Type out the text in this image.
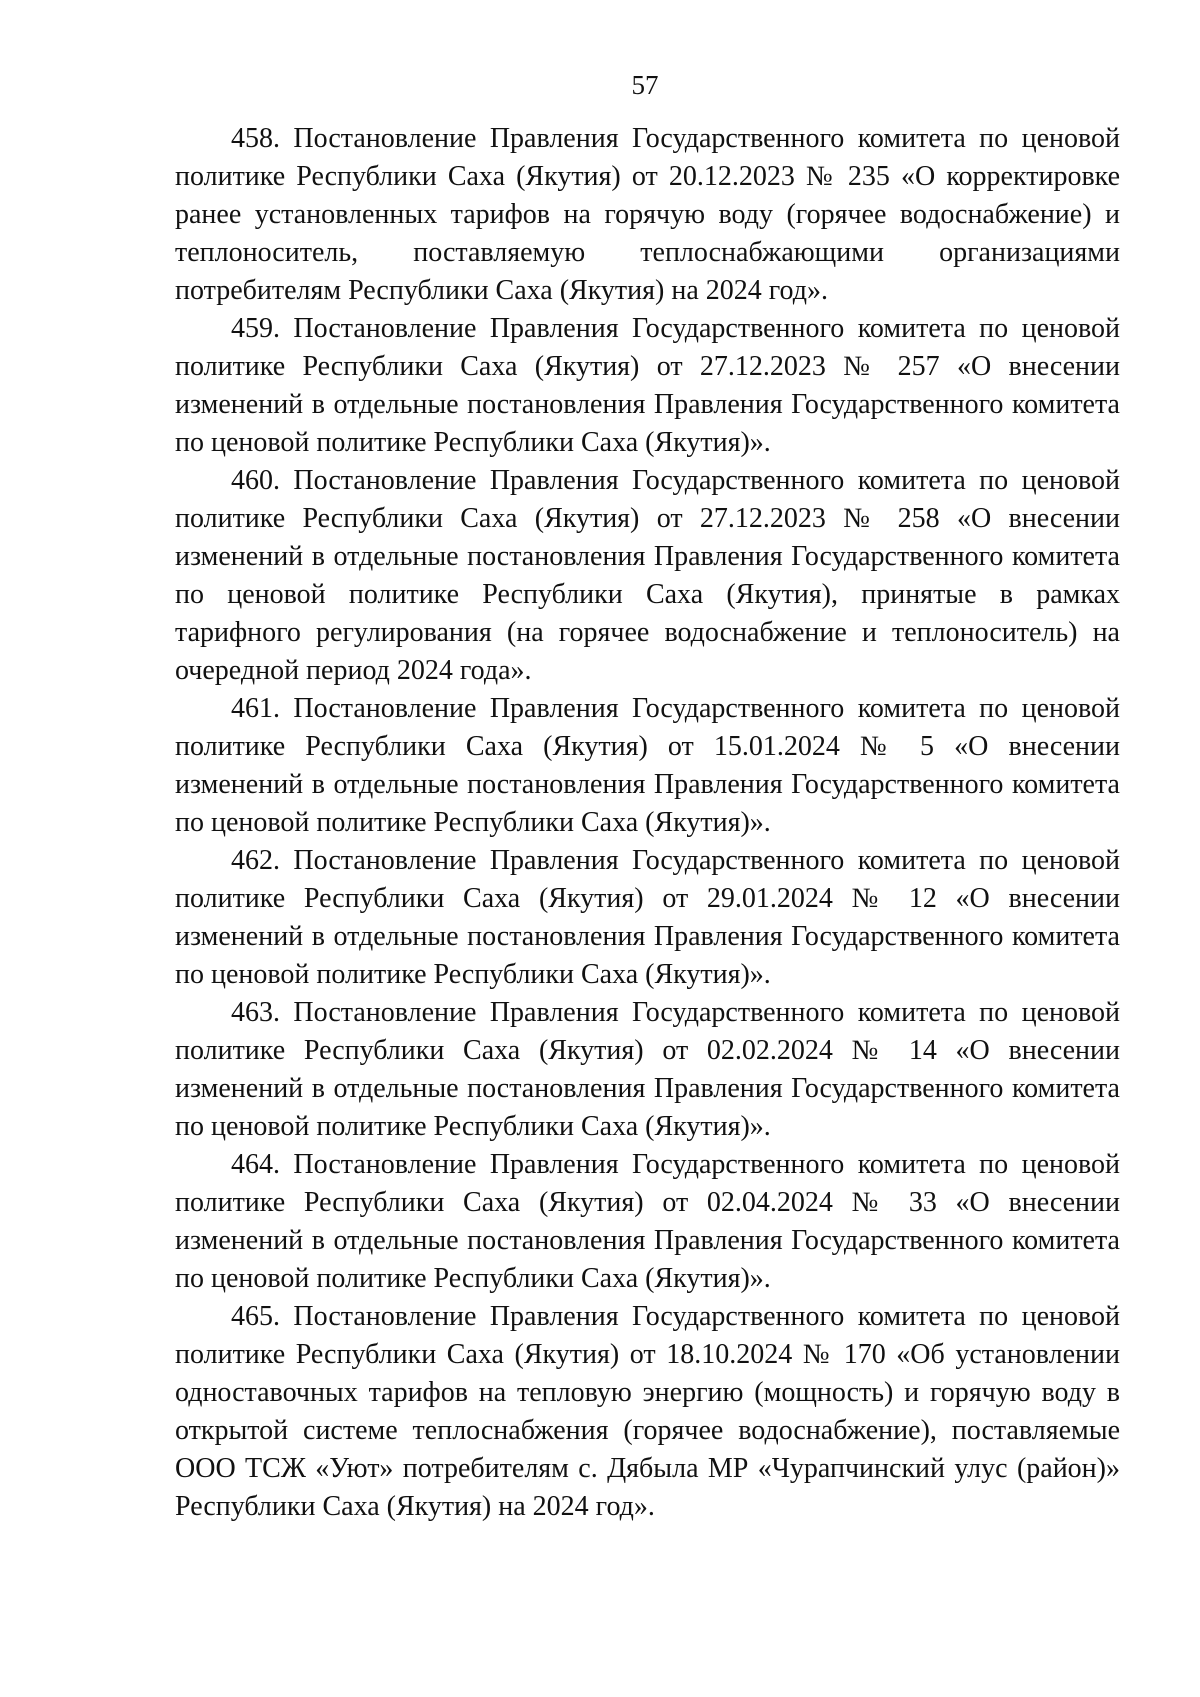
57

458. Постановление Правления Государственного комитета по ценовой политике Республики Саха (Якутия) от 20.12.2023 № 235 «О корректировке ранее установленных тарифов на горячую воду (горячее водоснабжение) и теплоноситель, поставляемую теплоснабжающими организациями потребителям Республики Саха (Якутия) на 2024 год».

459. Постановление Правления Государственного комитета по ценовой политике Республики Саха (Якутия) от 27.12.2023 № 257 «О внесении изменений в отдельные постановления Правления Государственного комитета по ценовой политике Республики Саха (Якутия)».

460. Постановление Правления Государственного комитета по ценовой политике Республики Саха (Якутия) от 27.12.2023 № 258 «О внесении изменений в отдельные постановления Правления Государственного комитета по ценовой политике Республики Саха (Якутия), принятые в рамках тарифного регулирования (на горячее водоснабжение и теплоноситель) на очередной период 2024 года».

461. Постановление Правления Государственного комитета по ценовой политике Республики Саха (Якутия) от 15.01.2024 № 5 «О внесении изменений в отдельные постановления Правления Государственного комитета по ценовой политике Республики Саха (Якутия)».

462. Постановление Правления Государственного комитета по ценовой политике Республики Саха (Якутия) от 29.01.2024 № 12 «О внесении изменений в отдельные постановления Правления Государственного комитета по ценовой политике Республики Саха (Якутия)».

463. Постановление Правления Государственного комитета по ценовой политике Республики Саха (Якутия) от 02.02.2024 № 14 «О внесении изменений в отдельные постановления Правления Государственного комитета по ценовой политике Республики Саха (Якутия)».

464. Постановление Правления Государственного комитета по ценовой политике Республики Саха (Якутия) от 02.04.2024 № 33 «О внесении изменений в отдельные постановления Правления Государственного комитета по ценовой политике Республики Саха (Якутия)».

465. Постановление Правления Государственного комитета по ценовой политике Республики Саха (Якутия) от 18.10.2024 № 170 «Об установлении одноставочных тарифов на тепловую энергию (мощность) и горячую воду в открытой системе теплоснабжения (горячее водоснабжение), поставляемые ООО ТСЖ «Уют» потребителям с. Дябыла МР «Чурапчинский улус (район)» Республики Саха (Якутия) на 2024 год».
